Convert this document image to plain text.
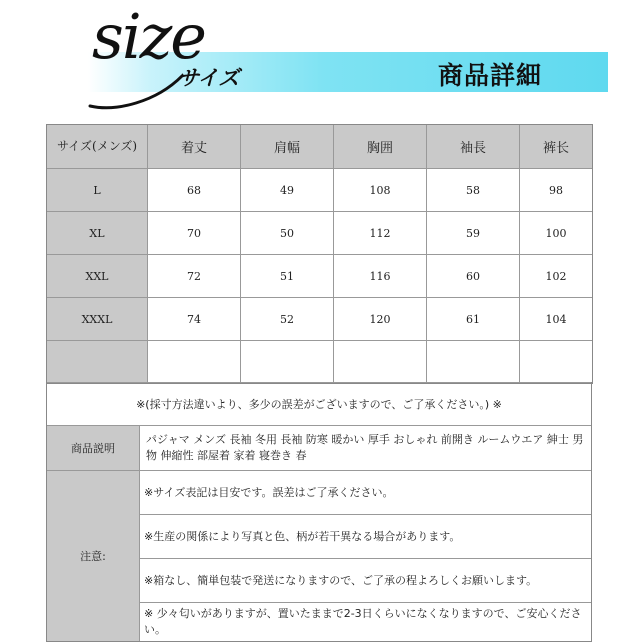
size
サイズ	商品詳細
サイズ(メンズ)	着丈	肩幅	胸囲	袖長	裤长
L	68	49	108	58	98
XL	70	50	112	59	100
XXL	72	51	116	60	102
XXXL	74	52	120	61	104

※(採寸方法違いより、多少の誤差がございますので、ご了承ください。) ※	
商品説明	パジャマ メンズ 長袖 冬用 長袖 防寒 暖かい 厚手 おしゃれ 前開き ルームウエア 紳士 男物 伸縮性 部屋着 家着 寝巻き 春
注意:	※サイズ表記は目安です。誤差はご了承ください。
	※生産の関係により写真と色、柄が若干異なる場合があります。
	※箱なし、簡単包装で発送になりますので、ご了承の程よろしくお願いします。
	※ 少々匂いがありますが、置いたままで2-3日くらいになくなりますので、ご安心ください。
